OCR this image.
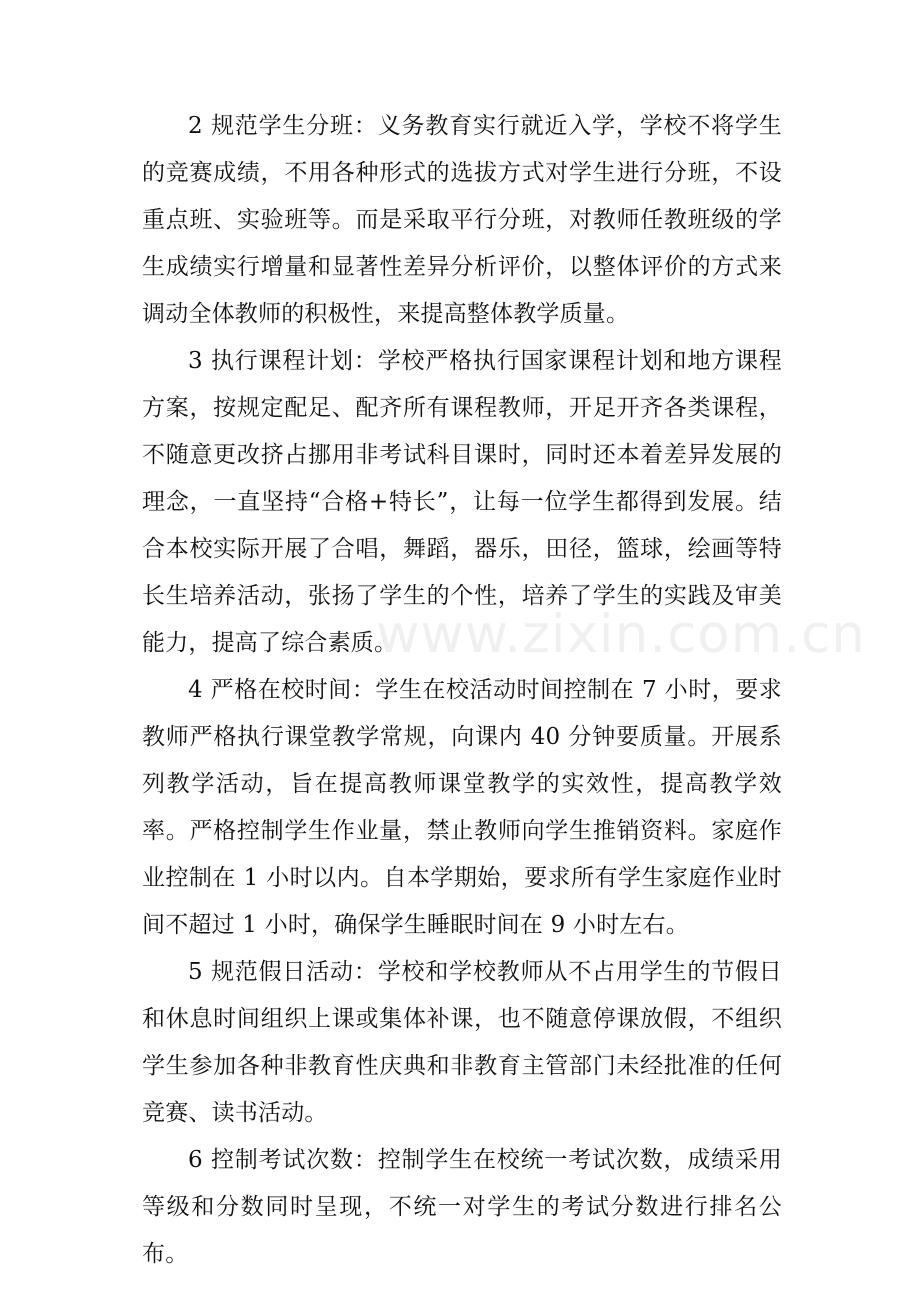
2 规范学生分班：义务教育实行就近入学，学校不将学生的竞赛成绩，不用各种形式的选拔方式对学生进行分班，不设重点班、实验班等。而是采取平行分班，对教师任教班级的学生成绩实行增量和显著性差异分析评价，以整体评价的方式来调动全体教师的积极性，来提高整体教学质量。

3 执行课程计划：学校严格执行国家课程计划和地方课程方案，按规定配足、配齐所有课程教师，开足开齐各类课程，不随意更改挤占挪用非考试科目课时，同时还本着差异发展的理念，一直坚持“合格+特长”，让每一位学生都得到发展。结合本校实际开展了合唱，舞蹈，器乐，田径，篮球，绘画等特长生培养活动，张扬了学生的个性，培养了学生的实践及审美能力，提高了综合素质。

4 严格在校时间：学生在校活动时间控制在 7 小时，要求教师严格执行课堂教学常规，向课内 40 分钟要质量。开展系列教学活动，旨在提高教师课堂教学的实效性，提高教学效率。严格控制学生作业量，禁止教师向学生推销资料。家庭作业控制在 1 小时以内。自本学期始，要求所有学生家庭作业时间不超过 1 小时，确保学生睡眠时间在 9 小时左右。

5 规范假日活动：学校和学校教师从不占用学生的节假日和休息时间组织上课或集体补课，也不随意停课放假，不组织学生参加各种非教育性庆典和非教育主管部门未经批准的任何竞赛、读书活动。

6 控制考试次数：控制学生在校统一考试次数，成绩采用等级和分数同时呈现，不统一对学生的考试分数进行排名公布。

www.zixin.com.cn
